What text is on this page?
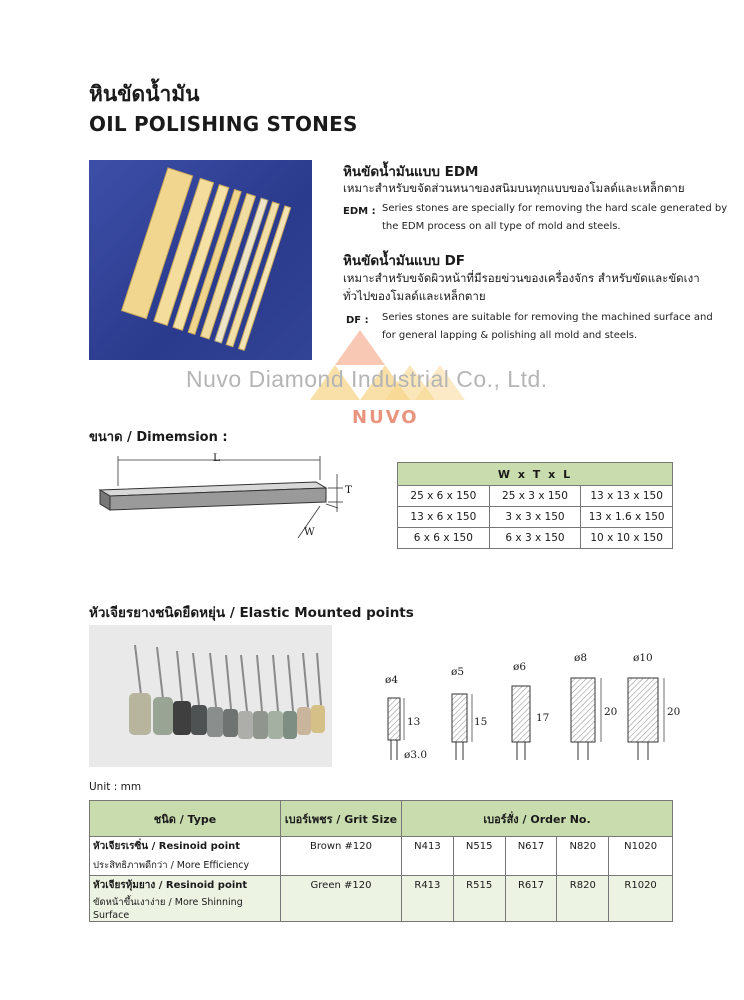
หินขัดน้ำมัน
OIL POLISHING STONES
หินขัดน้ำมันแบบ EDM
เหมาะสำหรับขจัดส่วนหนาของสนิมบนทุกแบบของโมลด์และเหล็กตาย
EDM : Series stones are specially for removing the hard scale generated by
the EDM process on all type of mold and steels.
หินขัดน้ำมันแบบ DF
เหมาะสำหรับขจัดผิวหน้าที่มีรอยข่วนของเครื่องจักร สำหรับขัดและขัดเงา
ทั่วไปของโมลด์และเหล็กตาย
DF : Series stones are suitable for removing the machined surface and
for general lapping & polishing all mold and steels.
Nuvo Diamond Industrial Co., Ltd.
NUVO
ขนาด / Dimemsion :
L
T
W
W x T x L		
25 x 6 x 150	25 x 3 x 150	13 x 13 x 150
13 x 6 x 150	3 x 3 x 150	13 x 1.6 x 150
6 x 6 x 150	6 x 3 x 150	10 x 10 x 150
หัวเจียรยางชนิดยืดหยุ่น / Elastic Mounted points
ø4
13
ø3.0
ø5
15
ø6
17
ø8
20
ø10
20
Unit : mm
ชนิด / Type	เบอร์เพชร / Grit Size	เบอร์สั่ง / Order No.				
หัวเจียรเรซิ่น / Resinoid point	Brown #120	N413	N515	N617	N820	N1020
ประสิทธิภาพดีกว่า / More Efficiency						
หัวเจียรหุ้มยาง / Resinoid point	Green #120	R413	R515	R617	R820	R1020
ขัดหน้าขึ้นเงาง่าย / More Shinning Surface						
